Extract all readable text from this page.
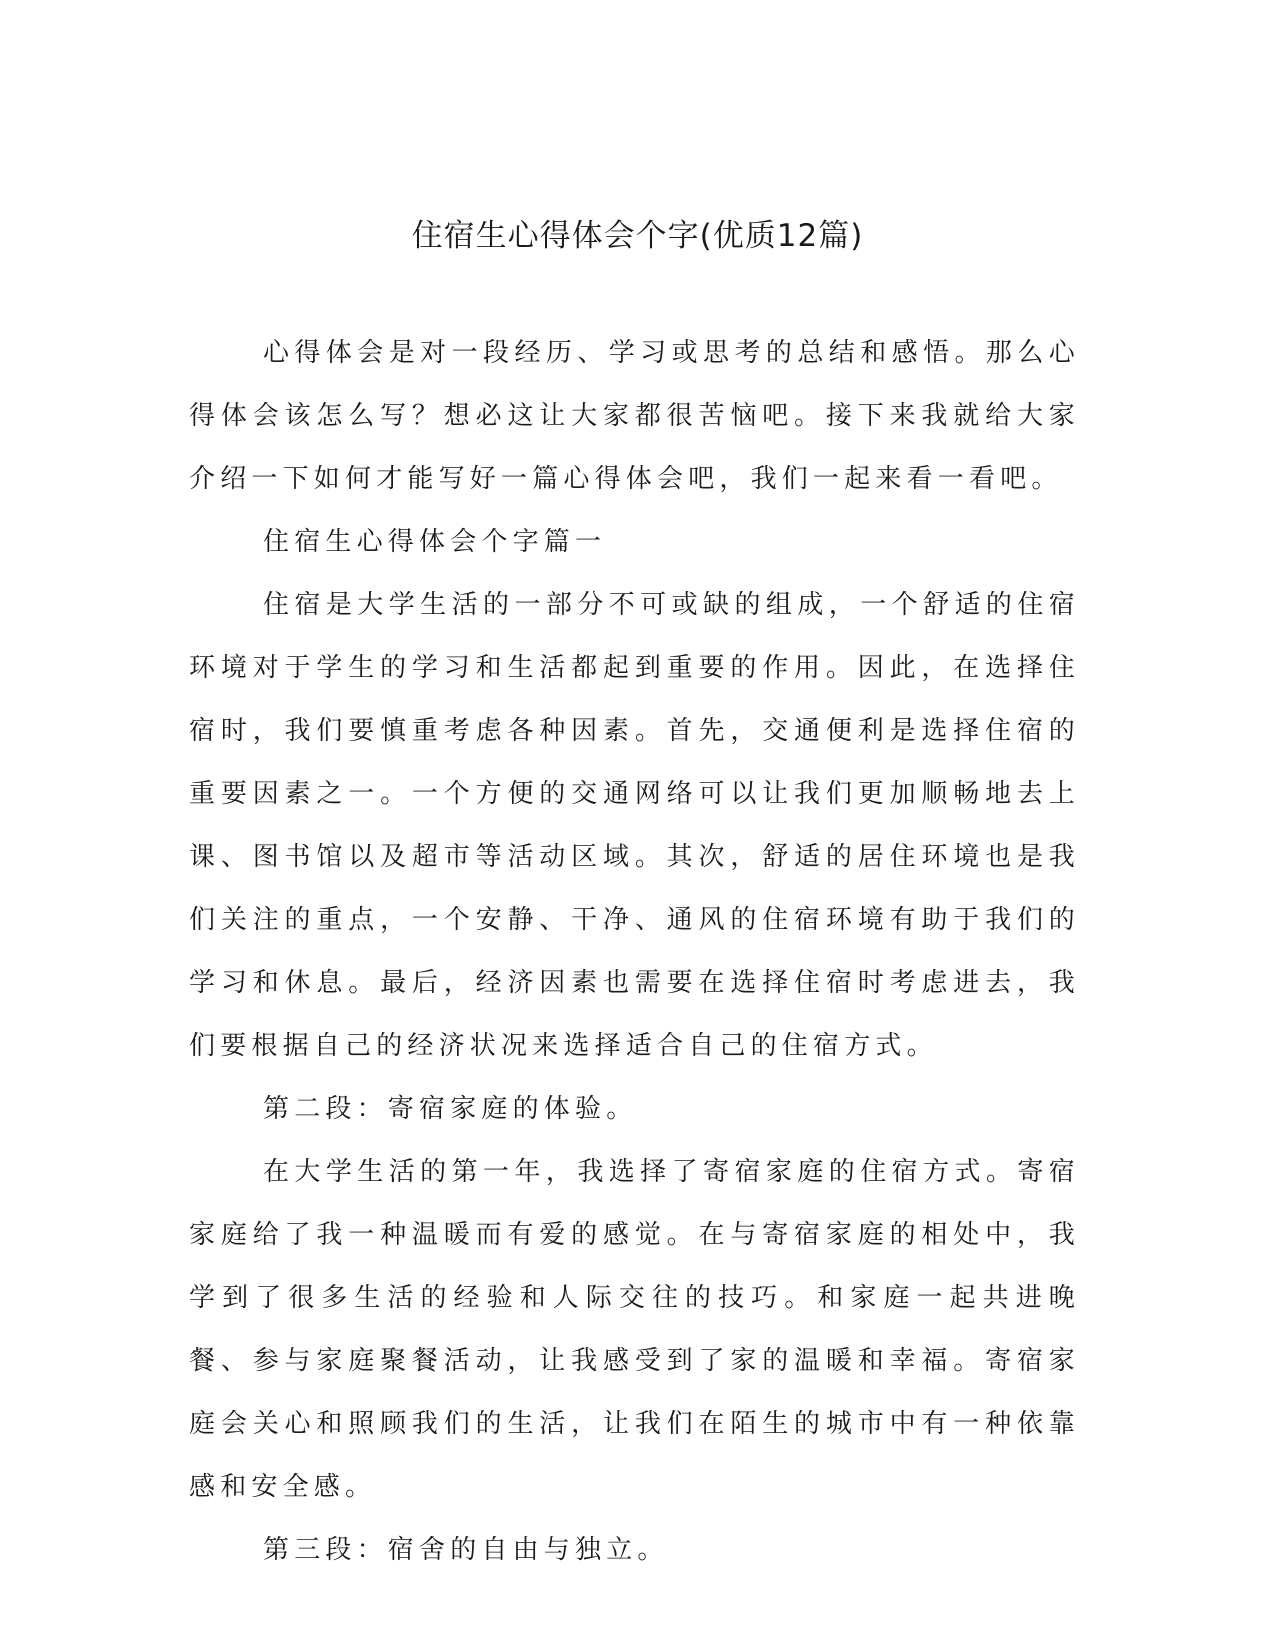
住宿生心得体会个字(优质12篇)

心得体会是对一段经历、学习或思考的总结和感悟。那么心得体会该怎么写？想必这让大家都很苦恼吧。接下来我就给大家介绍一下如何才能写好一篇心得体会吧，我们一起来看一看吧。

住宿生心得体会个字篇一

住宿是大学生活的一部分不可或缺的组成，一个舒适的住宿环境对于学生的学习和生活都起到重要的作用。因此，在选择住宿时，我们要慎重考虑各种因素。首先，交通便利是选择住宿的重要因素之一。一个方便的交通网络可以让我们更加顺畅地去上课、图书馆以及超市等活动区域。其次，舒适的居住环境也是我们关注的重点，一个安静、干净、通风的住宿环境有助于我们的学习和休息。最后，经济因素也需要在选择住宿时考虑进去，我们要根据自己的经济状况来选择适合自己的住宿方式。

第二段：寄宿家庭的体验。

在大学生活的第一年，我选择了寄宿家庭的住宿方式。寄宿家庭给了我一种温暖而有爱的感觉。在与寄宿家庭的相处中，我学到了很多生活的经验和人际交往的技巧。和家庭一起共进晚餐、参与家庭聚餐活动，让我感受到了家的温暖和幸福。寄宿家庭会关心和照顾我们的生活，让我们在陌生的城市中有一种依靠感和安全感。

第三段：宿舍的自由与独立。
